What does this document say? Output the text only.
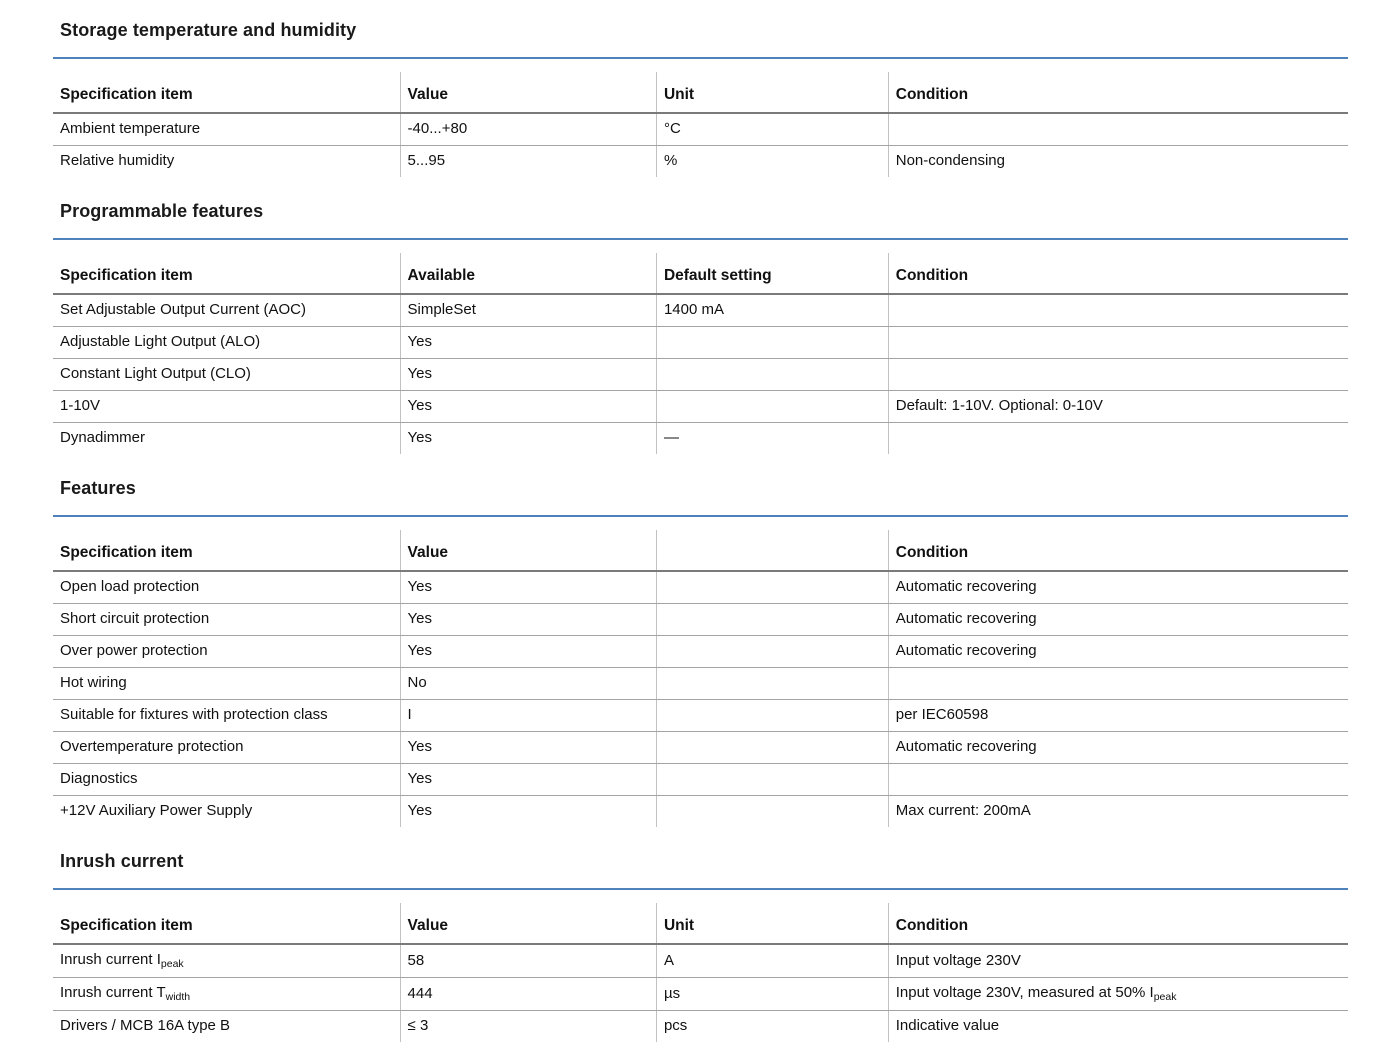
Storage temperature and humidity
Specification item	Value	Unit	Condition
Ambient temperature	-40...+80	°C	
Relative humidity	5...95	%	Non-condensing
Programmable features
Specification item	Available	Default setting	Condition
Set Adjustable Output Current (AOC)	SimpleSet	1400 mA	
Adjustable Light Output (ALO)	Yes		
Constant Light Output (CLO)	Yes		
1-10V	Yes		Default: 1-10V. Optional: 0-10V
Dynadimmer	Yes	—	
Features
Specification item	Value		Condition
Open load protection	Yes		Automatic recovering
Short circuit protection	Yes		Automatic recovering
Over power protection	Yes		Automatic recovering
Hot wiring	No		
Suitable for fixtures with protection class	I		per IEC60598
Overtemperature protection	Yes		Automatic recovering
Diagnostics	Yes		
+12V Auxiliary Power Supply	Yes		Max current: 200mA
Inrush current
Specification item	Value	Unit	Condition
Inrush current $I_{peak}$	58	A	Input voltage 230V
Inrush current $T_{width}$	444	µs	Input voltage 230V, measured at 50% $I_{peak}$
Drivers / MCB 16A type B	≤ 3	pcs	Indicative value
